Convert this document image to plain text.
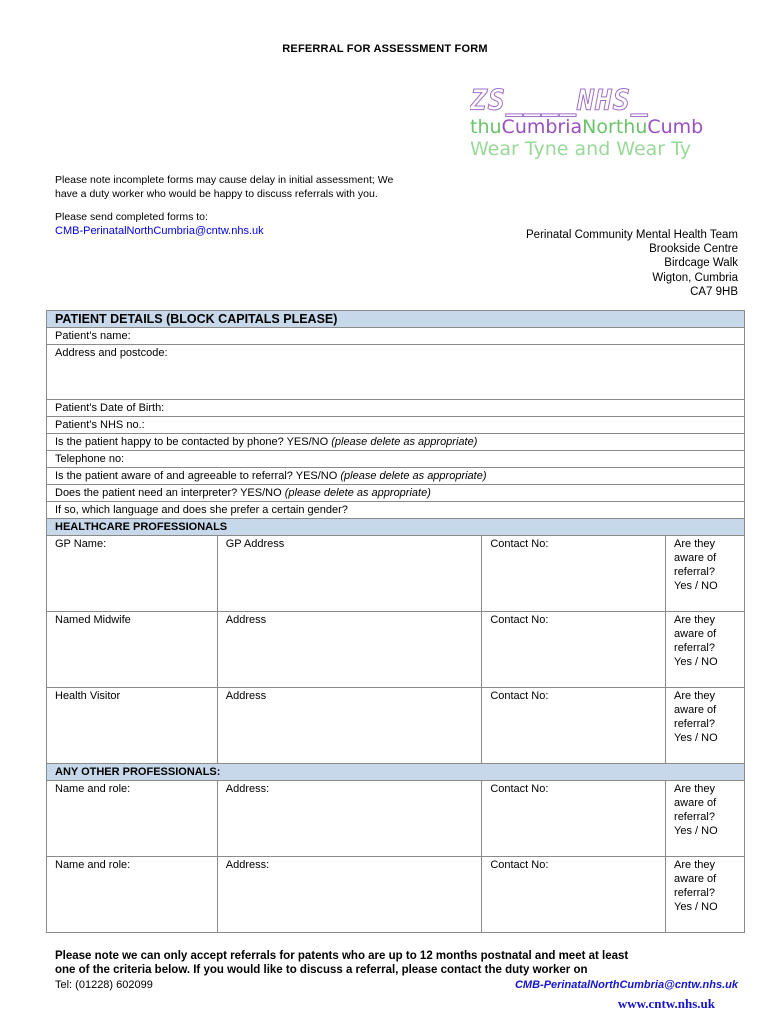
REFERRAL FOR ASSESSMENT FORM
ZS____NHS_
thuCumbriaNorthuCumb
Wear Tyne and Wear Ty
Please note incomplete forms may cause delay in initial assessment; We
have a duty worker who would be happy to discuss referrals with you.
Please send completed forms to:
CMB-PerinatalNorthCumbria@cntw.nhs.uk	Perinatal Community Mental Health Team
Brookside Centre
Birdcage Walk
Wigton, Cumbria
CA7 9HB
PATIENT DETAILS (BLOCK CAPITALS PLEASE)			
Patient’s name:			
Address and postcode:			
Patient’s Date of Birth:			
Patient’s NHS no.:			
Is the patient happy to be contacted by phone? YES/NO (please delete as appropriate)			
Telephone no:			
Is the patient aware of and agreeable to referral? YES/NO (please delete as appropriate)			
Does the patient need an interpreter? YES/NO (please delete as appropriate)			
If so, which language and does she prefer a certain gender?			
HEALTHCARE PROFESSIONALS			
GP Name:	GP Address	Contact No:	Are they
aware of
referral?
Yes / NO

Named Midwife	Address	Contact No:	Are they
aware of
referral?
Yes / NO

Health Visitor	Address	Contact No:	Are they
aware of
referral?
Yes / NO

ANY OTHER PROFESSIONALS:			
Name and role:	Address:	Contact No:	Are they
aware of
referral?
Yes / NO

Name and role:	Address:	Contact No:	Are they
aware of
referral?
Yes / NO
Please note we can only accept referrals for patents who are up to 12 months postnatal and meet at least
one of the criteria below. If you would like to discuss a referral, please contact the duty worker on
Tel: (01228) 602099	CMB-PerinatalNorthCumbria@cntw.nhs.uk
www.cntw.nhs.uk
